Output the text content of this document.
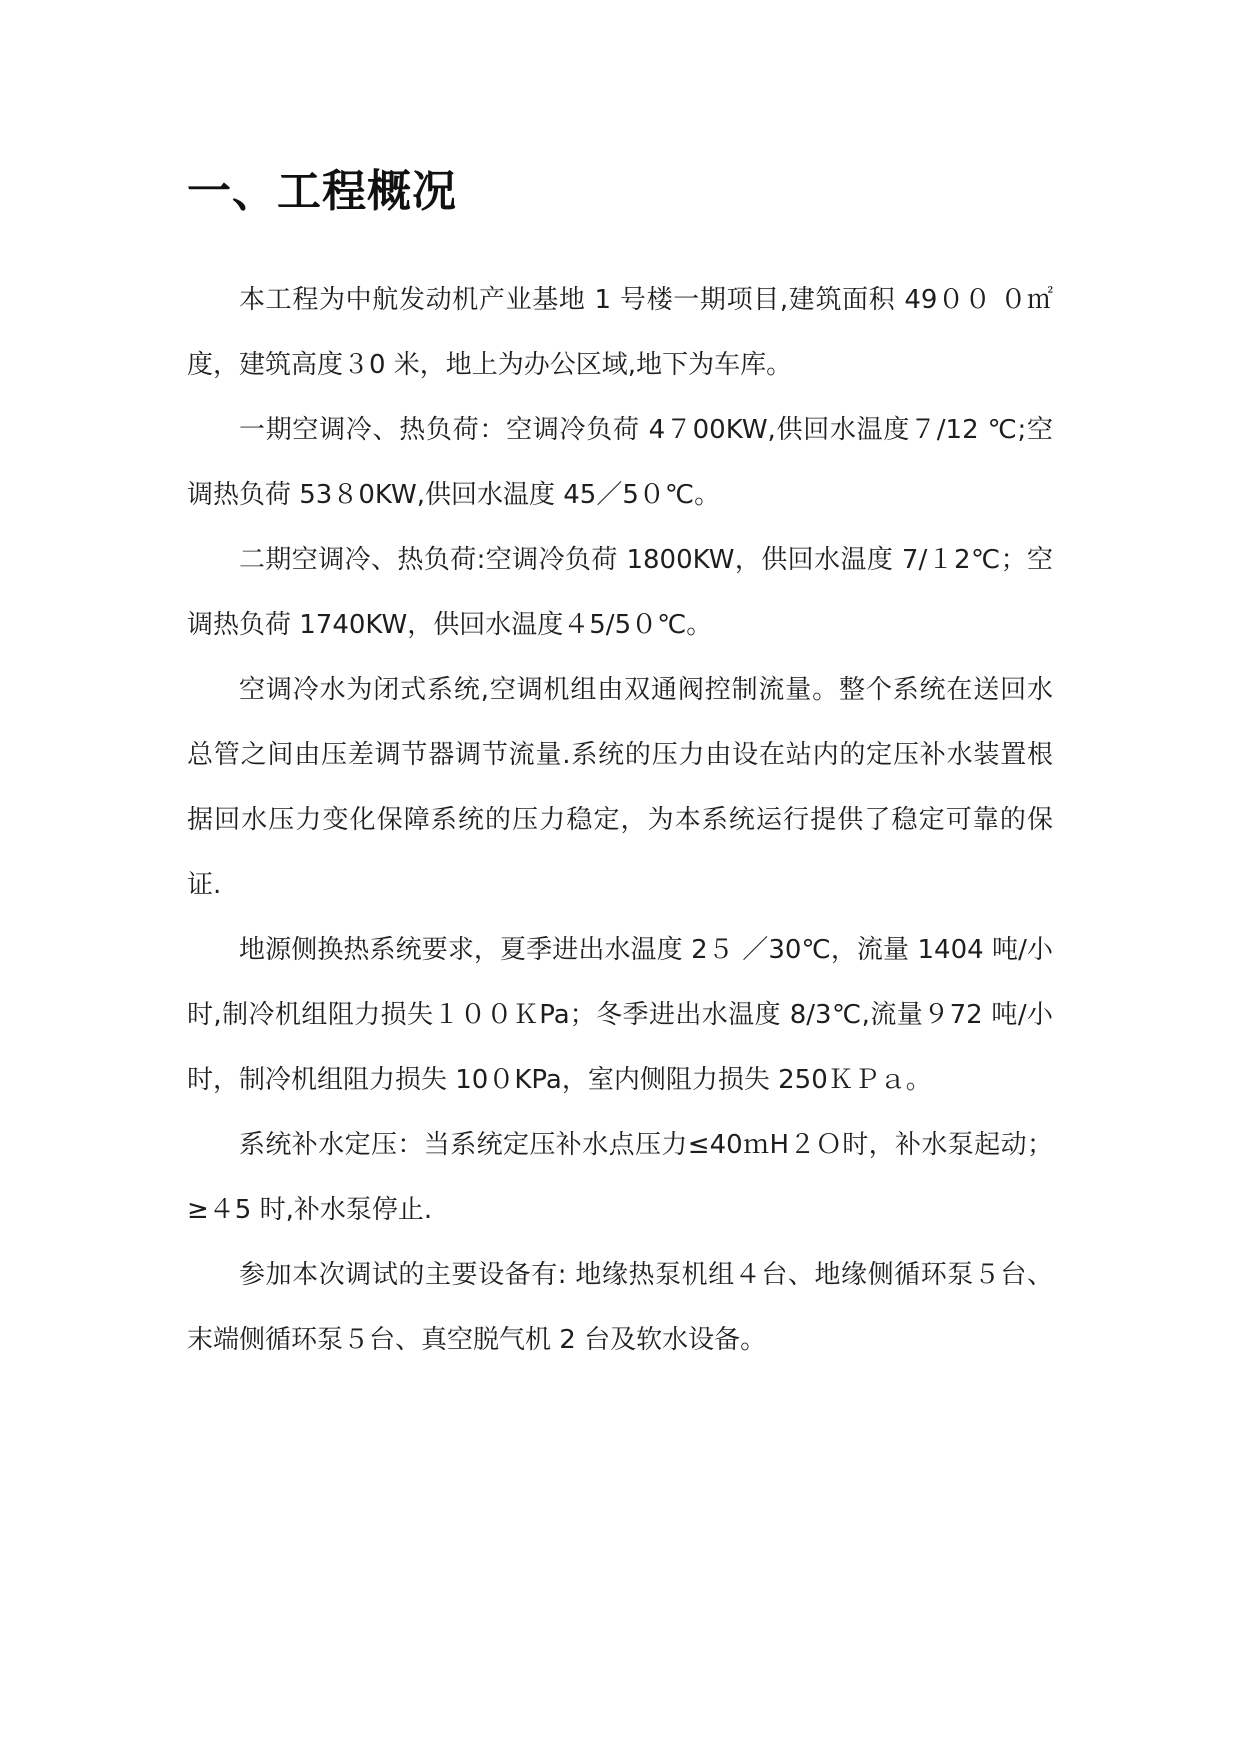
一、工程概况

本工程为中航发动机产业基地 1 号楼一期项目,建筑面积 49００ ０㎡度，建筑高度３0 米，地上为办公区域,地下为车库。

一期空调冷、热负荷：空调冷负荷 4７00KW,供回水温度７/12 ℃;空调热负荷 53８0KW,供回水温度 45／5０℃。

二期空调冷、热负荷:空调冷负荷 1800KW，供回水温度 7/１2℃；空调热负荷 1740KW，供回水温度４5/5０℃。

空调冷水为闭式系统,空调机组由双通阀控制流量。整个系统在送回水总管之间由压差调节器调节流量.系统的压力由设在站内的定压补水装置根据回水压力变化保障系统的压力稳定，为本系统运行提供了稳定可靠的保证.

地源侧换热系统要求，夏季进出水温度 2５ ／30℃，流量 1404 吨/小时,制冷机组阻力损失１００ＫPa；冬季进出水温度 8/3℃,流量９72 吨/小时，制冷机组阻力损失 10０KPa，室内侧阻力损失 250ＫＰａ。

系统补水定压：当系统定压补水点压力≤40ｍH２Ｏ时，补水泵起动；≥４5 时,补水泵停止.

参加本次调试的主要设备有: 地缘热泵机组４台、地缘侧循环泵５台、末端侧循环泵５台、真空脱气机 2 台及软水设备。
